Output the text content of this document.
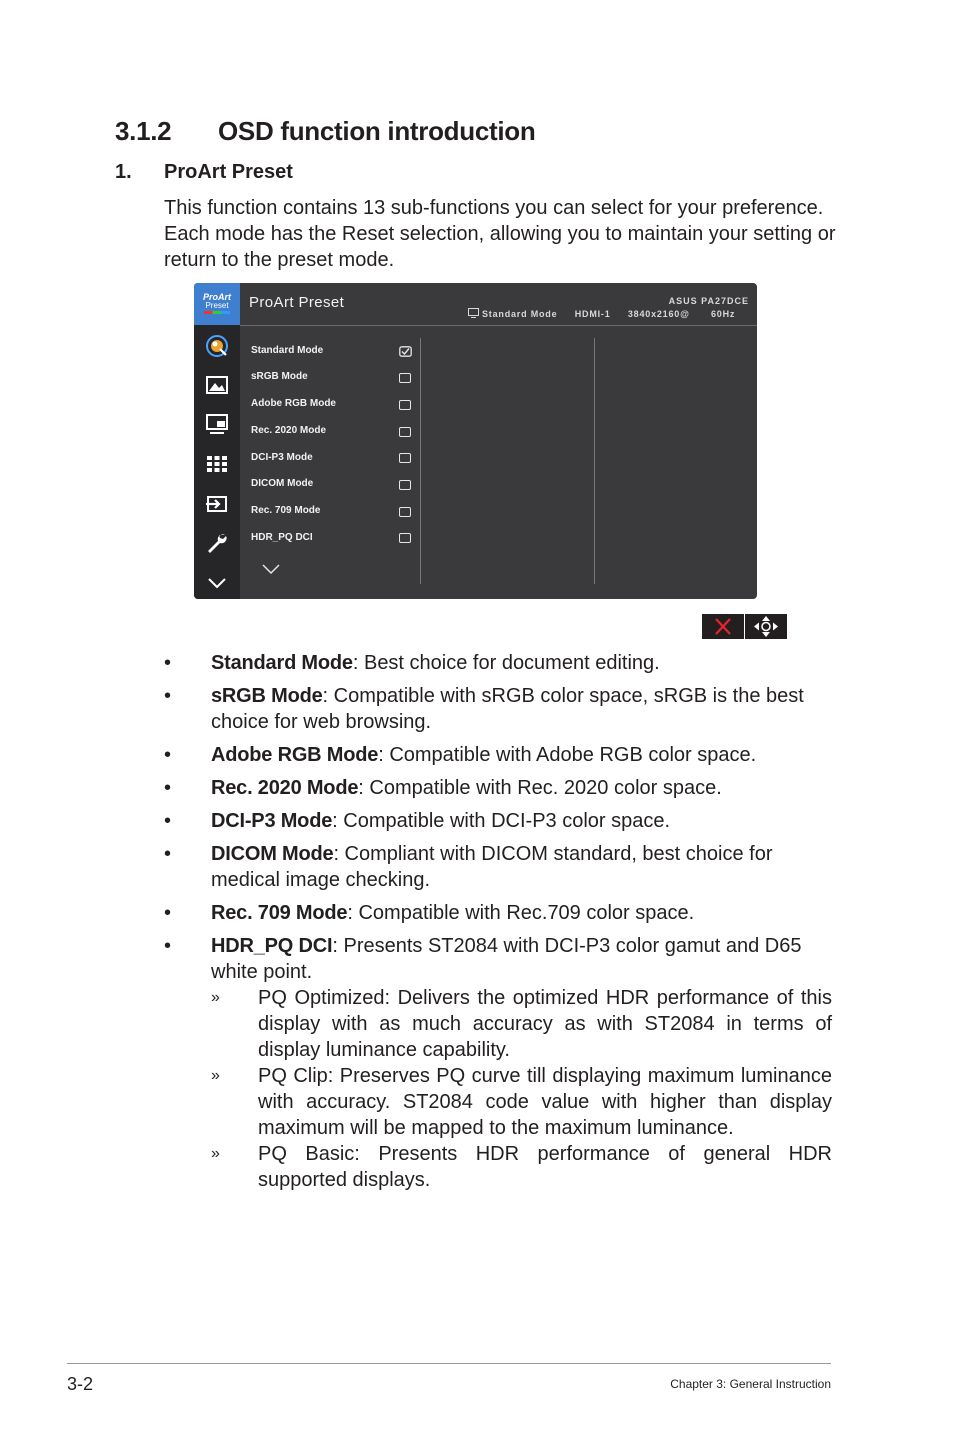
3.1.2 OSD function introduction
1. ProArt Preset

This function contains 13 sub-functions you can select for your preference.

Each mode has the Reset selection, allowing you to maintain your setting or

return to the preset mode.

ProArt
Preset	ProArt Preset	ASUS PA27DCE
Standard Mode HDMI-1 3840x2160@ 60Hz
Standard Mode
sRGB Mode
Adobe RGB Mode
Rec. 2020 Mode
DCI-P3 Mode
DICOM Mode
Rec. 709 Mode
HDR_PQ DCI
• Standard Mode: Best choice for document editing.
• sRGB Mode: Compatible with sRGB color space, sRGB is the best choice for web browsing.
• Adobe RGB Mode: Compatible with Adobe RGB color space.
• Rec. 2020 Mode: Compatible with Rec. 2020 color space.
• DCI-P3 Mode: Compatible with DCI-P3 color space.
• DICOM Mode: Compliant with DICOM standard, best choice for medical image checking.
• Rec. 709 Mode: Compatible with Rec.709 color space.
• HDR_PQ DCI: Presents ST2084 with DCI-P3 color gamut and D65 white point.
» PQ Optimized: Delivers the optimized HDR performance of this display with as much accuracy as with ST2084 in terms of display luminance capability.
» PQ Clip: Preserves PQ curve till displaying maximum luminance with accuracy. ST2084 code value with higher than display maximum will be mapped to the maximum luminance.
» PQ Basic: Presents HDR performance of general HDR supported displays.
3-2	Chapter 3: General Instruction
